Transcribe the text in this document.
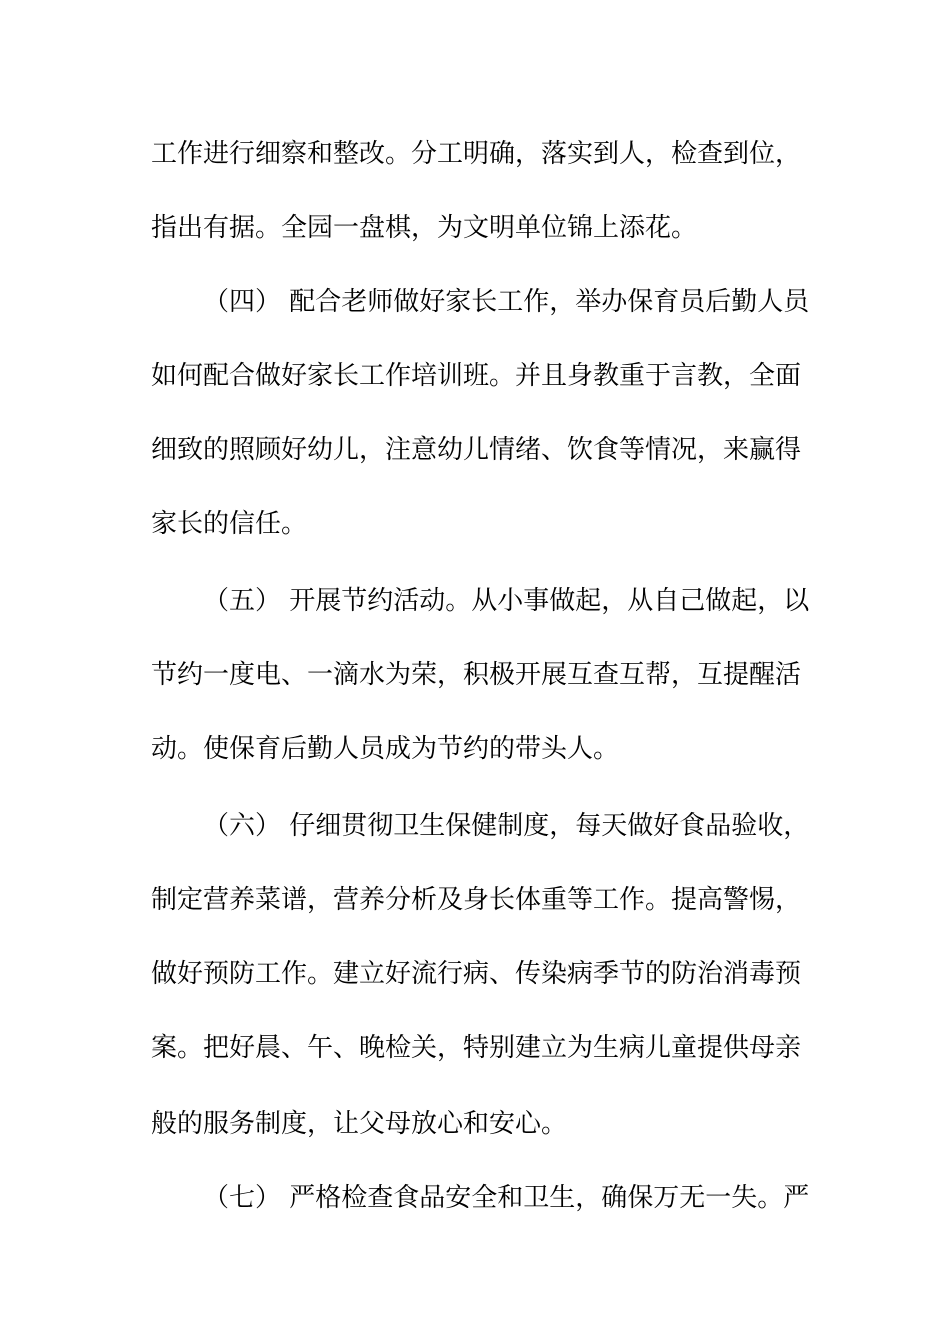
工作进行细察和整改。分工明确，落实到人，检查到位，

指出有据。全园一盘棋，为文明单位锦上添花。

（四） 配合老师做好家长工作，举办保育员后勤人员

如何配合做好家长工作培训班。并且身教重于言教，全面

细致的照顾好幼儿，注意幼儿情绪、饮食等情况，来赢得

家长的信任。

（五） 开展节约活动。从小事做起，从自己做起，以

节约一度电、一滴水为荣，积极开展互查互帮，互提醒活

动。使保育后勤人员成为节约的带头人。

（六） 仔细贯彻卫生保健制度，每天做好食品验收，

制定营养菜谱，营养分析及身长体重等工作。提高警惕，

做好预防工作。建立好流行病、传染病季节的防治消毒预

案。把好晨、午、晚检关，特别建立为生病儿童提供母亲

般的服务制度，让父母放心和安心。

（七） 严格检查食品安全和卫生，确保万无一失。严
